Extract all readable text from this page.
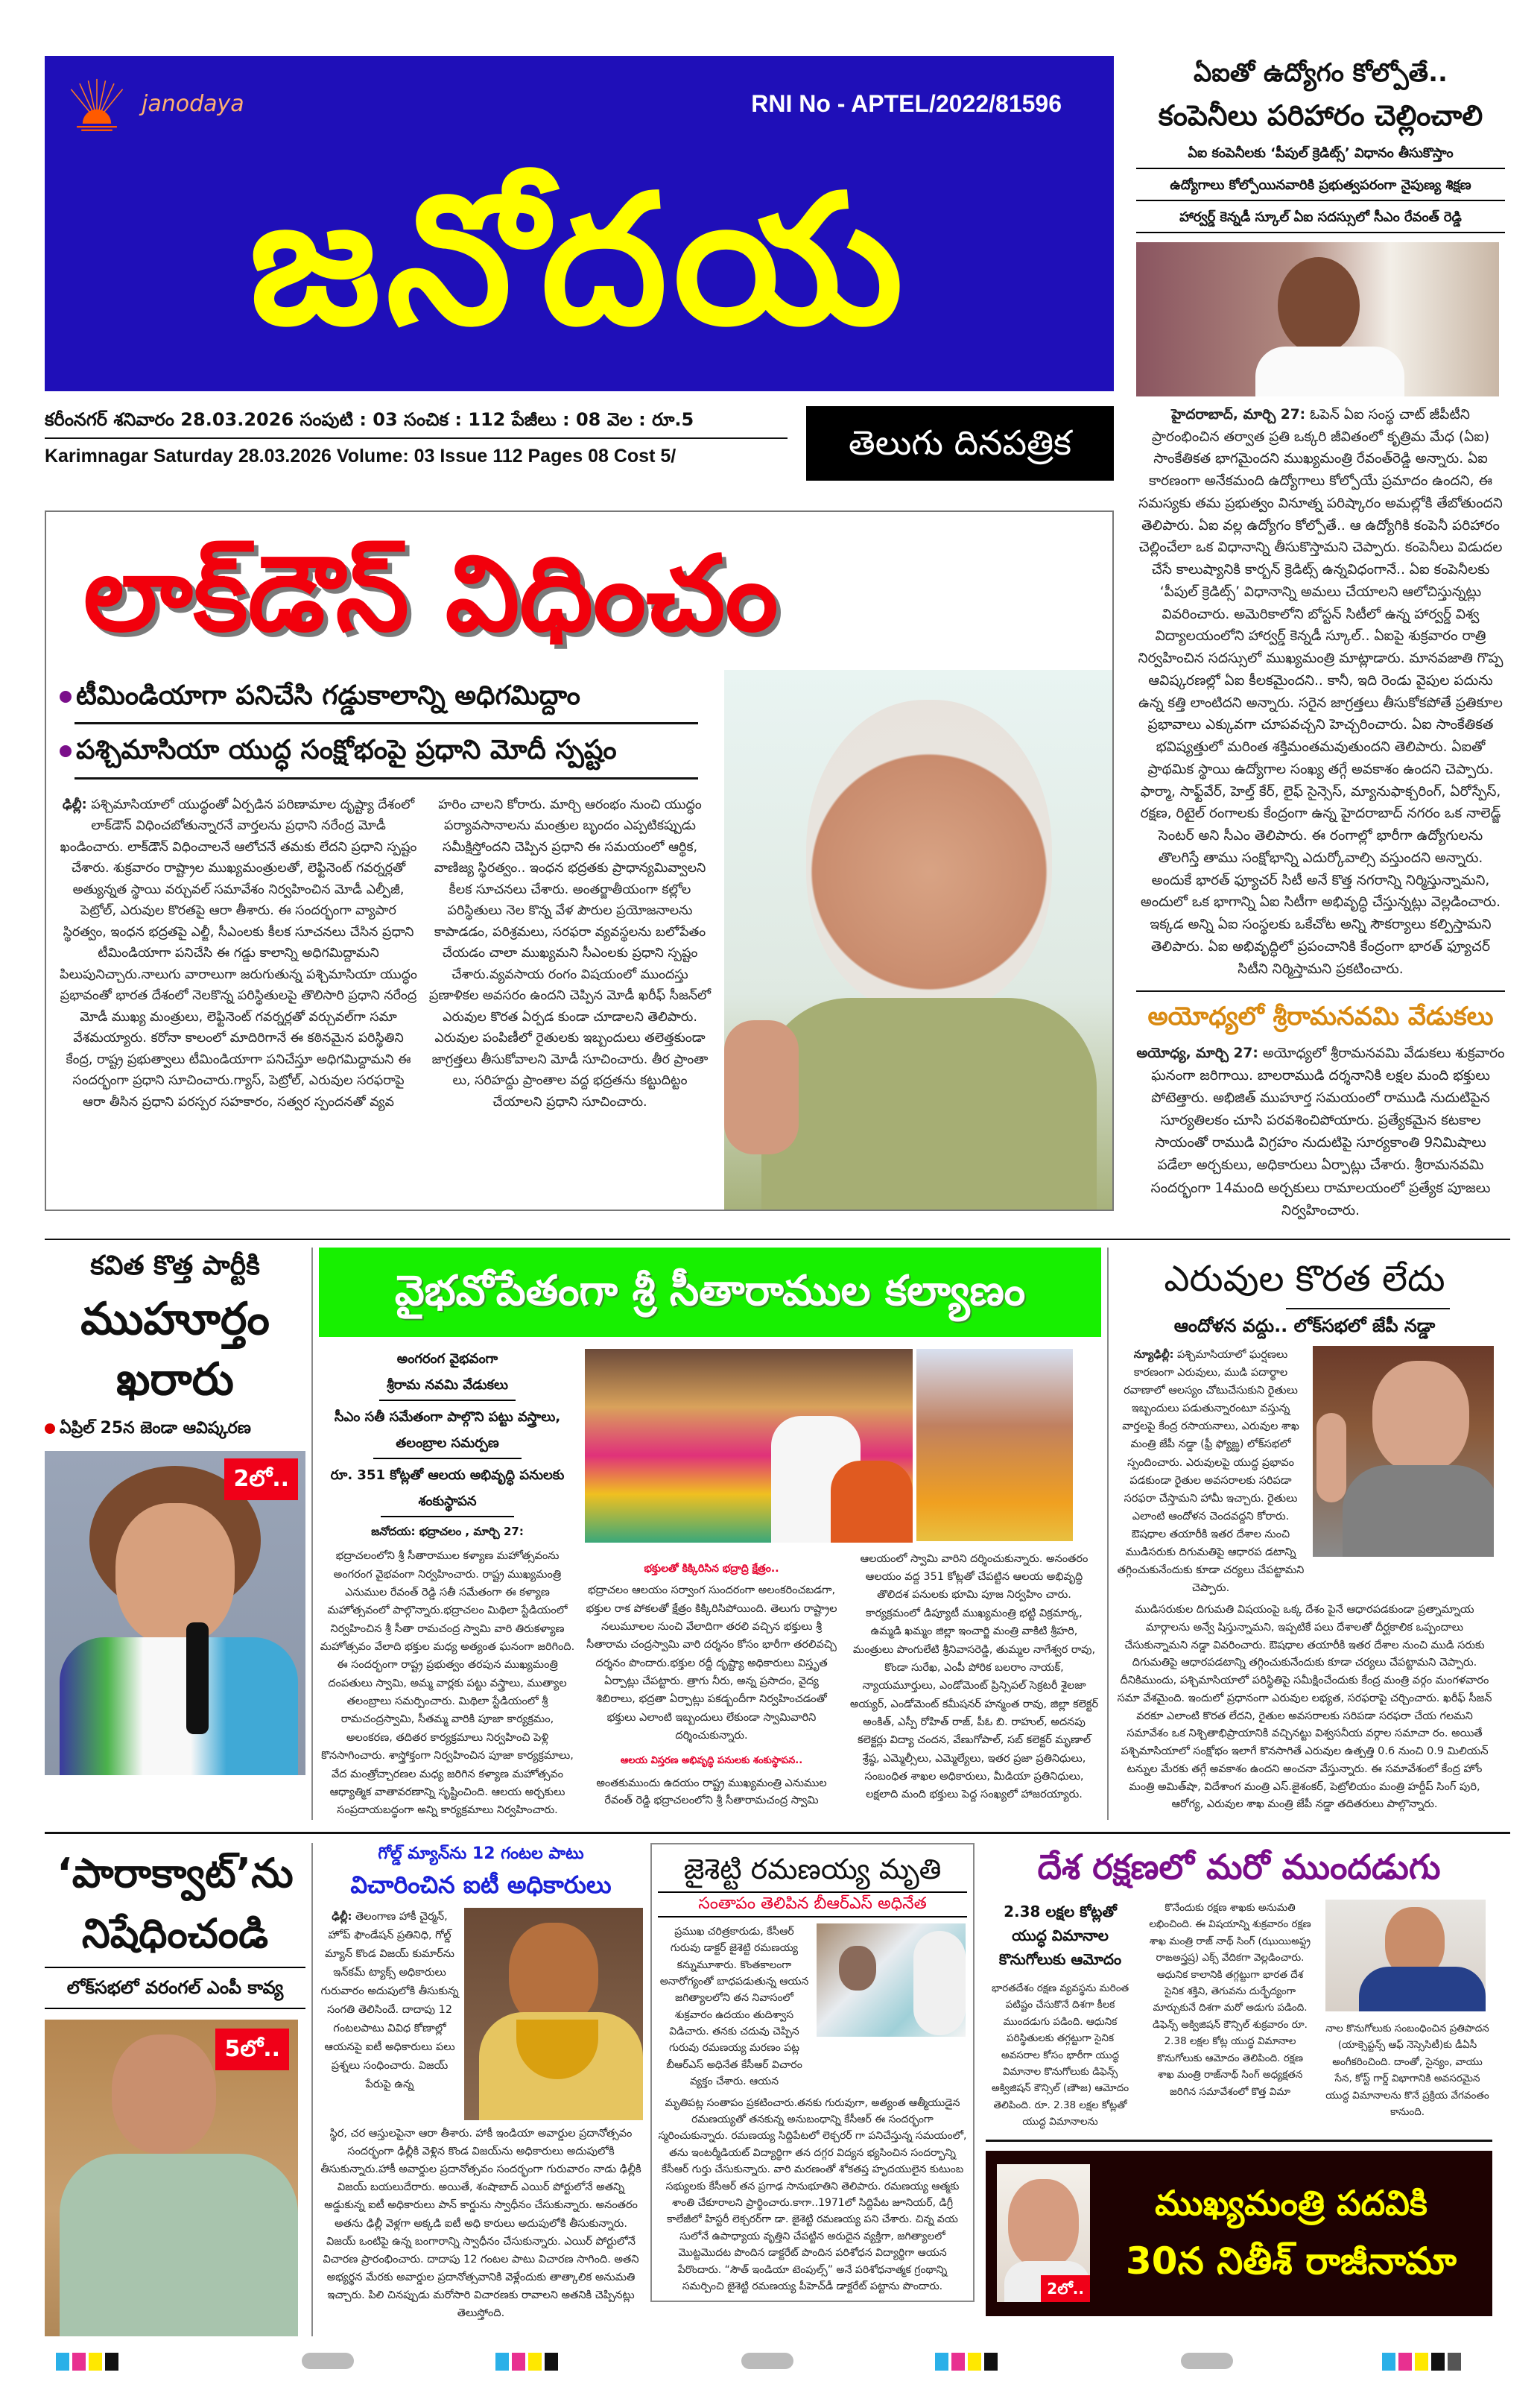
janodaya	RNI No - APTEL/2022/81596
జనోదయ
కరీంనగర్ శనివారం 28.03.2026 సంపుటి : 03 సంచిక : 112 పేజీలు : 08 వెల : రూ.5
Karimnagar Saturday 28.03.2026 Volume: 03 Issue 112 Pages 08 Cost 5/	తెలుగు దినపత్రిక
లాక్‌డౌన్ విధించం
టీమిండియాగా పనిచేసి గడ్డుకాలాన్ని అధిగమిద్దాం
పశ్చిమాసియా యుద్ధ సంక్షోభంపై ప్రధాని మోదీ స్పష్టం
ఢిల్లీ: పశ్చిమాసియాలో యుద్ధంతో ఏర్పడిన పరిణామాల దృష్ట్యా దేశంలో లాక్‌డౌన్ విధించబోతున్నారనే వార్తలను ప్రధాని నరేంద్ర మోడీ ఖండించారు. లాక్‌డౌన్ విధించాలనే ఆలోచనే తమకు లేదని ప్రధాని స్పష్టం చేశారు. శుక్రవారం రాష్ట్రాల ముఖ్యమంత్రులతో, లెఫ్టినెంట్ గవర్నర్లతో అత్యున్నత స్థాయి వర్చువల్ సమావేశం నిర్వహించిన మోడీ ఎల్పీజీ, పెట్రోల్, ఎరువుల కొరతపై ఆరా తీశారు. ఈ సందర్భంగా వ్యాపార స్థిరత్వం, ఇంధన భద్రతపై ఎల్జీ, సీఎంలకు కీలక సూచనలు చేసిన ప్రధాని టీమిండియాగా పనిచేసి ఈ గడ్డు కాలాన్ని అధిగమిద్దామని పిలుపునిచ్చారు.నాలుగు వారాలుగా జరుగుతున్న పశ్చిమాసియా యుద్ధం ప్రభావంతో భారత దేశంలో నెలకొన్న పరిస్థితులపై తొలిసారి ప్రధాని నరేంద్ర మోడీ ముఖ్య మంత్రులు, లెఫ్టినెంట్ గవర్నర్లతో వర్చువల్‌గా సమా వేశమయ్యారు. కరోనా కాలంలో మాదిరిగానే ఈ కఠినమైన పరిస్థితిని కేంద్ర, రాష్ట్ర ప్రభుత్వాలు టీమిండియాగా పనిచేస్తూ అధిగమిద్దామని ఈ సందర్భంగా ప్రధాని సూచించారు.గ్యాస్, పెట్రోల్, ఎరువుల సరఫరాపై ఆరా తీసిన ప్రధాని పరస్పర సహకారం, సత్వర స్పందనతో వ్యవ
హరిం చాలని కోరారు. మార్చి ఆరంభం నుంచి యుద్ధం పర్యావసానాలను మంత్రుల బృందం ఎప్పటికప్పుడు సమీక్షిస్తోందని చెప్పిన ప్రధాని ఈ సమయంలో ఆర్థిక, వాణిజ్య స్థిరత్వం.. ఇంధన భద్రతకు ప్రాధాన్యమివ్వాలని కీలక సూచనలు చేశారు. అంతర్జాతీయంగా కల్లోల పరిస్థితులు నెల కొన్న వేళ పౌరుల ప్రయోజనాలను కాపాడడం, పరిశ్రమలు, సరఫరా వ్యవస్థలను బలోపేతం చేయడం చాలా ముఖ్యమని సీఎంలకు ప్రధాని స్పష్టం చేశారు.వ్యవసాయ రంగం విషయంలో ముందస్తు ప్రణాళికల అవసరం ఉందని చెప్పిన మోడీ ఖరీఫ్ సీజన్‌లో ఎరువుల కొరత ఏర్పడ కుండా చూడాలని తెలిపారు. ఎరువుల పంపిణీలో రైతులకు ఇబ్బందులు తలెత్తకుండా జాగ్రత్తలు తీసుకోవాలని మోడీ సూచించారు. తీర ప్రాంతా లు, సరిహద్దు ప్రాంతాల వద్ద భద్రతను కట్టుదిట్టం చేయాలని ప్రధాని సూచించారు.
ఏఐతో ఉద్యోగం కోల్పోతే..
కంపెనీలు పరిహారం చెల్లించాలి
ఏఐ కంపెనీలకు ‘పీపుల్ క్రెడిట్స్’ విధానం తీసుకొస్తాం
ఉద్యోగాలు కోల్పోయినవారికి ప్రభుత్వపరంగా నైపుణ్య శిక్షణ
హార్వర్డ్ కెన్నడీ స్కూల్ ఏఐ సదస్సులో సీఎం రేవంత్ రెడ్డి
హైదరాబాద్, మార్చి 27: ఓపెన్ ఏఐ సంస్థ చాట్ జీపీటీని ప్రారంభించిన తర్వాత ప్రతి ఒక్కరి జీవితంలో కృత్రిమ మేధ (ఏఐ) సాంకేతికత భాగమైందని ముఖ్యమంత్రి రేవంత్‌రెడ్డి అన్నారు. ఏఐ కారణంగా అనేకమంది ఉద్యోగాలు కోల్పోయే ప్రమాదం ఉందని, ఈ సమస్యకు తమ ప్రభుత్వం వినూత్న పరిష్కారం అమల్లోకి తేబోతుందని తెలిపారు. ఏఐ వల్ల ఉద్యోగం కోల్పోతే.. ఆ ఉద్యోగికి కంపెనీ పరిహారం చెల్లించేలా ఒక విధానాన్ని తీసుకొస్తామని చెప్పారు. కంపెనీలు విడుదల చేసే కాలుష్యానికి కార్బన్ క్రెడిట్స్ ఉన్నవిధంగానే.. ఏఐ కంపెనీలకు ‘పీపుల్ క్రెడిట్స్’ విధానాన్ని అమలు చేయాలని ఆలోచిస్తున్నట్లు వివరించారు. అమెరికాలోని బోస్టన్ సిటీలో ఉన్న హార్వర్డ్ విశ్వ విద్యాలయంలోని హార్వర్డ్ కెన్నడీ స్కూల్.. ఏఐపై శుక్రవారం రాత్రి నిర్వహించిన సదస్సులో ముఖ్యమంత్రి మాట్లాడారు. మానవజాతి గొప్ప ఆవిష్కరణల్లో ఏఐ కీలకమైందని.. కానీ, ఇది రెండు వైపుల పదును ఉన్న కత్తి లాంటిదని అన్నారు. సరైన జాగ్రత్తలు తీసుకోకపోతే ప్రతికూల ప్రభావాలు ఎక్కువగా చూపవచ్చని హెచ్చరించారు. ఏఐ సాంకేతికత భవిష్యత్తులో మరింత శక్తిమంతమవుతుందని తెలిపారు. ఏఐతో ప్రాథమిక స్థాయి ఉద్యోగాల సంఖ్య తగ్గే అవకాశం ఉందని చెప్పారు. ఫార్మా, సాఫ్ట్‌వేర్, హెల్త్ కేర్, లైఫ్ సైన్సెస్, మ్యానుఫాక్చరింగ్, ఏరోస్పేస్, రక్షణ, రిటైల్ రంగాలకు కేంద్రంగా ఉన్న హైదరాబాద్ నగరం ఒక నాలెడ్జ్ సెంటర్ అని సీఎం తెలిపారు. ఈ రంగాల్లో భారీగా ఉద్యోగులను తొలగిస్తే తాము సంక్షోభాన్ని ఎదుర్కోవాల్సి వస్తుందని అన్నారు. అందుకే భారత్ ఫ్యూచర్ సిటీ అనే కొత్త నగరాన్ని నిర్మిస్తున్నామని, అందులో ఒక భాగాన్ని ఏఐ సిటీగా అభివృద్ధి చేస్తున్నట్లు వెల్లడించారు. ఇక్కడ అన్ని ఏఐ సంస్థలకు ఒకేచోట అన్ని సౌకర్యాలు కల్పిస్తామని తెలిపారు. ఏఐ అభివృద్ధిలో ప్రపంచానికి కేంద్రంగా భారత్ ఫ్యూచర్ సిటీని నిర్మిస్తామని ప్రకటించారు.
అయోధ్యలో శ్రీరామనవమి వేడుకలు
అయోధ్య, మార్చి 27: అయోధ్యలో శ్రీరామనవమి వేడుకలు శుక్రవారం ఘనంగా జరిగాయి. బాలరాముడి దర్శనానికి లక్షల మంది భక్తులు పోటెత్తారు. అభిజిత్ ముహూర్త సమయంలో రాముడి నుదుటిపైన సూర్యతిలకం చూసి పరవశించిపోయారు. ప్రత్యేకమైన కటకాల సాయంతో రాముడి విగ్రహం నుదుటిపై సూర్యకాంతి 9నిమిషాలు పడేలా అర్చకులు, అధికారులు ఏర్పాట్లు చేశారు. శ్రీరామనవమి సందర్భంగా 14మంది అర్చకులు రామాలయంలో ప్రత్యేక పూజలు నిర్వహించారు.
కవిత కొత్త పార్టీకి
ముహూర్తం ఖరారు
ఏప్రిల్ 25న జెండా ఆవిష్కరణ
2లో..
వైభవోపేతంగా శ్రీ సీతారాముల కల్యాణం
అంగరంగ వైభవంగా
శ్రీరామ నవమి వేడుకలు
సీఎం సతీ సమేతంగా పాల్గొని పట్టు వస్త్రాలు,
తలంబ్రాల సమర్పణ
రూ. 351 కోట్లతో ఆలయ అభివృద్ధి పనులకు
శంకుస్థాపన
జనోదయ: భద్రాచలం , మార్చి 27:
భద్రాచలంలోని శ్రీ సీతారాముల కళ్యాణ మహోత్సవంను అంగరంగ వైభవంగా నిర్వహించారు. రాష్ట్ర ముఖ్యమంత్రి ఎనుముల రేవంత్ రెడ్డి సతీ సమేతంగా ఈ కళ్యాణ మహోత్సవంలో పాల్గొన్నారు.భద్రాచలం మిథిలా స్టేడియంలో నిర్వహించిన శ్రీ సీతా రామచంద్ర స్వామి వారి తిరుకళ్యాణ మహోత్సవం వేలాది భక్తుల మధ్య అత్యంత ఘనంగా జరిగింది. ఈ సందర్భంగా రాష్ట్ర ప్రభుత్వం తరపున ముఖ్యమంత్రి దంపతులు స్వామి, అమ్మ వార్లకు పట్టు వస్త్రాలు, ముత్యాల తలంబ్రాలు సమర్పించారు. మిథిలా స్టేడియంలో శ్రీ రామచంద్రస్వామి, సీతమ్మ వారికి పూజా కార్యక్రమం, అలంకరణ, తదితర కార్యక్రమాలు నిర్వహించి పెళ్లి కొనసాగించారు. శాస్త్రోక్తంగా నిర్వహించిన పూజా కార్యక్రమాలు, వేద మంత్రోచ్చారణల మధ్య జరిగిన కళ్యాణ మహోత్సవం ఆధ్యాత్మిక వాతావరణాన్ని సృష్టించింది. ఆలయ అర్చకులు సంప్రదాయబద్ధంగా అన్ని కార్యక్రమాలు నిర్వహించారు.
భక్తులతో కిక్కిరిసిన భద్రాద్రి క్షేత్రం..
భద్రాచలం ఆలయం సర్వాంగ సుందరంగా అలంకరించబడగా, భక్తుల రాక పోకలతో క్షేత్రం కిక్కిరిసిపోయింది. తెలుగు రాష్ట్రాల నలుమూలల నుంచి వేలాదిగా తరలి వచ్చిన భక్తులు శ్రీ సీతారామ చంద్రస్వామి వారి దర్శనం కోసం భారీగా తరలివచ్చి దర్శనం పొందారు.భక్తుల రద్దీ దృష్ట్యా అధికారులు విస్తృత ఏర్పాట్లు చేపట్టారు. త్రాగు నీరు, అన్న ప్రసాదం, వైద్య శిబిరాలు, భద్రతా ఏర్పాట్లు పకడ్బందీగా నిర్వహించడంతో భక్తులు ఎలాంటి ఇబ్బందులు లేకుండా స్వామివారిని దర్శించుకున్నారు.
ఆలయ విస్తరణ అభివృద్ధి పనులకు శంకుస్థాపన..
అంతకుముందు ఉదయం రాష్ట్ర ముఖ్యమంత్రి ఎనుముల రేవంత్ రెడ్డి భద్రాచలంలోని శ్రీ సీతారామచంద్ర స్వామి
ఆలయంలో స్వామి వారిని దర్శించుకున్నారు. అనంతరం ఆలయం వద్ద 351 కోట్లతో చేపట్టిన ఆలయ అభివృద్ధి తొలిదశ పనులకు భూమి పూజ నిర్వహిం చారు. కార్యక్రమంలో డిప్యూటీ ముఖ్యమంత్రి భట్టి విక్రమార్క, ఉమ్మడి ఖమ్మం జిల్లా ఇంచార్జి మంత్రి వాకిటి శ్రీహరి, మంత్రులు పొంగులేటి శ్రీనివాసరెడ్డి, తుమ్మల నాగేశ్వర రావు, కొండా సురేఖ, ఎంపీ పోరిక బలరాం నాయక్, న్యాయమూర్తులు, ఎండోమెంట్ ప్రిన్సిపల్ సెక్రటరీ శైలజా అయ్యర్, ఎండోమెంట్ కమీషనర్ హన్మంత రావు, జిల్లా కలెక్టర్ అంకిత్, ఎస్పీ రోహిత్ రాజ్, పీఓ బి. రాహుల్, అదనపు కలెక్టర్లు విద్యా చందన, వేణుగోపాల్, సబ్ కలెక్టర్ మృణాల్ శ్రేష్ఠ, ఎమ్మెల్సీలు, ఎమ్మెల్యేలు, ఇతర ప్రజా ప్రతినిధులు, సంబంధిత శాఖల అధికారులు, మీడియా ప్రతినిధులు, లక్షలాది మంది భక్తులు పెద్ద సంఖ్యలో హాజరయ్యారు.
ఎరువుల కొరత లేదు
ఆందోళన వద్దు.. లోక్‌సభలో జేపీ నడ్డా
న్యూఢిల్లీ: పశ్చిమాసియాలో ఘర్షణలు కారణంగా ఎరువులు, ముడి పదార్థాల రవాణాలో ఆలస్యం చోటుచేసుకుని రైతులు ఇబ్బందులు పడుతున్నారంటూ వస్తున్న వార్తలపై కేంద్ర రసాయనాలు, ఎరువుల శాఖ మంత్రి జేపీ నడ్డా (ఫ్రీ ఫ్యోఙ్ఝ) లోక్‌సభలో స్పందించారు. ఎరువులపై యుద్ధ ప్రభావం పడకుండా రైతుల అవసరాలకు సరిపడా సరఫరా చేస్తామని హామీ ఇచ్చారు. రైతులు ఎలాంటి ఆందోళన చెందవద్దని కోరారు. ఔషధాల తయారీకి ఇతర దేశాల నుంచి ముడిసరుకు దిగుమతిపై ఆధారప డటాన్ని తగ్గించుకునేందుకు కూడా చర్యలు చేపట్టామని చెప్పారు.
ముడిసరుకుల దిగుమతి విషయంపై ఒక్క దేశం పైనే ఆధారపడకుండా ప్రత్నామ్నాయ మార్గాలను అన్వే షిస్తున్నామని, ఇప్పటికే పలు దేశాలతో దీర్ఘకాలిక ఒప్పందాలు చేసుకున్నామని నడ్డా వివరించారు. ఔషధాల తయారీకి ఇతర దేశాల నుంచి ముడి సరుకు దిగుమతిపై ఆధారపడటాన్ని తగ్గించుకునేందుకు కూడా చర్యలు చేపట్టామని చెప్పారు. దీనికిముందు, పశ్చిమాసియాలో పరిస్థితిపై సమీక్షించేందుకు కేంద్ర మంత్రి వర్గం మంగళవారం సమా వేశమైంది. ఇందులో ప్రధానంగా ఎరువుల లభ్యత, సరఫరాపై చర్చించారు. ఖరీఫ్ సీజన్ వరకూ ఎలాంటి కొరత లేదని, రైతుల అవసరాలకు సరిపడా సరఫరా చేయ గలమని సమావేశం ఒక నిశ్చితాభిప్రాయానికి వచ్చినట్టు విశ్వసనీయ వర్గాల సమాచా రం. అయితే పశ్చిమాసియాలో సంక్షోభం ఇలాగే కొనసాగితే ఎరువుల ఉత్పత్తి 0.6 నుంచి 0.9 మిలియన్ టన్నుల మేరకు తగ్గే అవకాశం ఉందని అంచనా వేస్తున్నారు. ఈ సమావేశంలో కేంద్ర హోం మంత్రి అమిత్‌షా, విదేశాంగ మంత్రి ఎస్.జైశంకర్, పెట్రోలియం మంత్రి హర్దీప్ సింగ్ పురి, ఆరోగ్య, ఎరువుల శాఖ మంత్రి జేపీ నడ్డా తదితరులు పాల్గొన్నారు.
‘పారాక్వాట్’ను నిషేధించండి
లోక్‌సభలో వరంగల్ ఎంపీ కావ్య
5లో..
గోల్డ్ మ్యాన్‌ను 12 గంటల పాటు
విచారించిన ఐటీ అధికారులు
ఢిల్లీ: తెలంగాణ హాకీ చైర్మన్, హోప్ ఫౌండేషన్ ప్రతినిధి, గోల్డ్ మ్యాన్ కొండ విజయ్ కుమార్‌ను ఇన్‌కమ్ ట్యాక్స్ అధికారులు గురువారం అదుపులోకి తీసుకున్న సంగతి తెలిసిందే. దాదాపు 12 గంటలపాటు వివిధ కోణాల్లో ఆయనపై ఐటీ అధికారులు పలు ప్రశ్నలు సంధించారు. విజయ్ పేరుపై ఉన్న
స్థిర, చర ఆస్తులపైనా ఆరా తీశారు. హాకీ ఇండియా అవార్డుల ప్రదానోత్సవం సందర్భంగా ఢిల్లీకి వెళ్లిన కొండ విజయ్‌ను అధికారులు అదుపులోకి తీసుకున్నారు.హాకీ అవార్డుల ప్రదానోత్సవం సందర్భంగా గురువారం నాడు ఢిల్లీకి విజయ్ బయలుదేరారు. అయితే, శంషాబాద్ ఎయిర్ పోర్టులోనే అతన్ని అడ్డుకున్న ఐటీ అధికారులు పాన్ కార్డును స్వాధీనం చేసుకున్నారు. అనంతరం అతను ఢిల్లీ వెళ్లగా అక్కడి ఐటీ అధి కారులు అదుపులోకి తీసుకున్నారు. విజయ్ ఒంటిపై ఉన్న బంగారాన్ని స్వాధీనం చేసుకున్నారు. ఎయిర్ పోర్టులోనే విచారణ ప్రారంభించారు. దాదాపు 12 గంటల పాటు విచారణ సాగింది. అతని అభ్యర్థన మేరకు అవార్డుల ప్రదానోత్సవానికి వెళ్లేందుకు తాత్కాలిక అనుమతి ఇచ్చారు. పిలి చినప్పుడు మరోసారి విచారణకు రావాలని అతనికి చెప్పినట్లు తెలుస్తోంది.
జైశెట్టి రమణయ్య మృతి
సంతాపం తెలిపిన బీఆర్ఎస్ అధినేత
ప్రముఖ చరిత్రకారుడు, కేసీఆర్ గురువు డాక్టర్ జైశెట్టి రమణయ్య కన్నుమూశారు. కొంతకాలంగా అనారోగ్యంతో బాధపడుతున్న ఆయన జగిత్యాలలోని తన నివాసంలో శుక్రవారం ఉదయం తుదిశ్వాస విడిచారు. తనకు చదువు చెప్పిన గురువు రమణయ్య మరణం పట్ల బీఆర్ఎస్ అధినేత కేసీఆర్ విచారం వ్యక్తం చేశారు. ఆయన
మృతిపట్ల సంతాపం ప్రకటించారు.తనకు గురువుగా, అత్యంత ఆత్మీయుడైన రమణయ్యతో తనకున్న అనుబంధాన్ని కేసీఆర్ ఈ సందర్భంగా స్మరించుకున్నారు. రమణయ్య సిద్దిపేటలో లెక్చరర్ గా పనిచేస్తున్న సమయంలో, తను ఇంటర్మీడియట్ విద్యార్థిగా తన దగ్గర విద్యన భ్యసించిన సందర్భాన్ని కేసీఆర్ గుర్తు చేసుకున్నారు. వారి మరణంతో శోకతప్త హృదయులైన కుటుంబ సభ్యులకు కేసీఆర్ తన ప్రగాఢ సానుభూతిని తెలిపారు. రమణయ్య ఆత్మకు శాంతి చేకూరాలని ప్రార్థించారు.కాగా..1971లో సిద్దిపేట జూనియర్, డిగ్రీ కాలేజీలో హిస్టరీ లెక్చరర్‌గా డా. జైశెట్టి రమణయ్య పని చేశారు. చిన్న వయ సులోనే ఉపాధ్యాయ వృత్తిని చేపట్టిన అరుదైన వ్యక్తిగా, జగిత్యాలలో మొట్టమొదట పొందిన డాక్టరేట్ పొందిన పరిశోధన విద్యార్థిగా ఆయన పేరొందారు. “సౌత్ ఇండియా టెంపుల్స్” అనే పరిశోధనాత్మక గ్రంథాన్ని సమర్పించి జైశెట్టి రమణయ్య పీహెచ్‌డీ డాక్టరేట్ పట్టాను పొందారు.
దేశ రక్షణలో మరో ముందడుగు
2.38 లక్షల కోట్లతో
యుద్ధ విమానాల
కొనుగోలుకు ఆమోదం
భారతదేశం రక్షణ వ్యవస్థను మరింత పటిష్టం చేసుకొనే దిశగా కీలక ముందడుగు పడింది. ఆధునిక పరిస్థితులకు తగ్గట్టుగా సైనిక అవసరాల కోసం భారీగా యుద్ధ విమానాల కొనుగోలుకు డిఫెన్స్ అక్విజిషన్ కౌన్సిల్ (ణౌాజ) ఆమోదం తెలిపింది. రూ. 2.38 లక్షల కోట్లతో యుద్ధ విమానాలను
కొనేందుకు రక్షణ శాఖకు అనుమతి లభించింది. ఈ విషయాన్ని శుక్రవారం రక్షణ శాఖ మంత్రి రాజ్ నాథ్ సింగ్ (ఝుయిఅఫ్ష్ర రాఙఅస్త్రష్ర) ఎక్స్ వేదికగా వెల్లడించారు. ఆధునిక కాలానికి తగ్గట్టుగా భారత దేశ సైనిక శక్తిని, తెగువను దుర్భేద్యంగా మార్చుకునే దిశగా మరో అడుగు పడింది. డిఫెన్స్ అక్విజిషన్ కౌన్సిల్ శుక్రవారం రూ. 2.38 లక్షల కోట్ల యుద్ధ విమానాల కొనుగోలుకు ఆమోదం తెలిపింది. రక్షణ శాఖ మంత్రి రాజ్‌నాథ్ సింగ్ అధ్యక్షతన జరిగిన సమావేశంలో కొత్త విమా
నాల కొనుగోలుకు సంబంధించిన ప్రతిపాదన (యాక్సెప్టన్స్ ఆఫ్ నెస్సెసిటీ)కు డీఏసీ అంగీకరించింది. దాంతో, సైన్యం, వాయు సేన, కోస్ట్ గార్డ్ విభాగానికి అవసరమైన యుద్ధ విమానాలను కొనే ప్రక్రియ వేగవంతం కానుంది.
2లో..
ముఖ్యమంత్రి పదవికి
30న నితీశ్ రాజీనామా
